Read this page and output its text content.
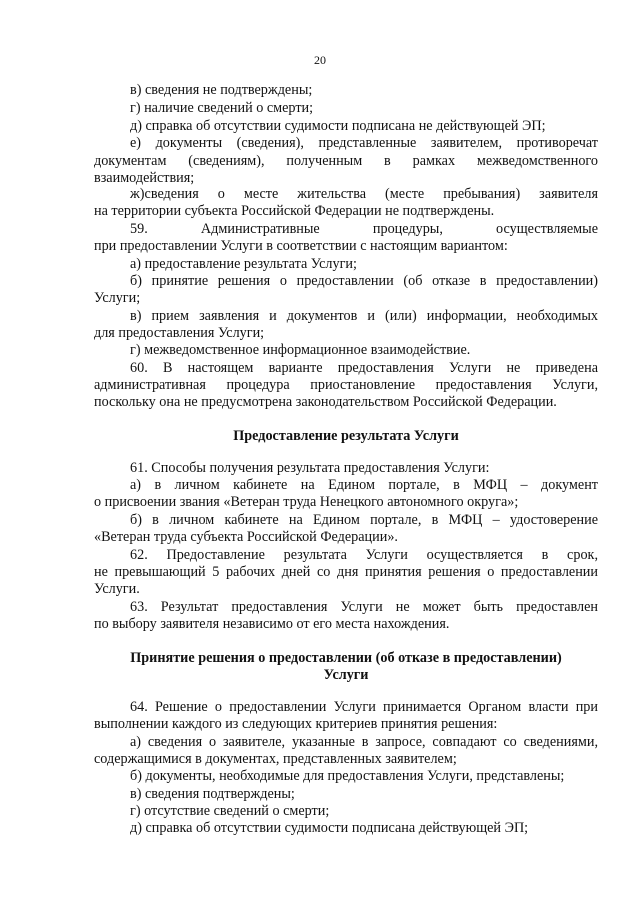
20
в) сведения не подтверждены;
г) наличие сведений о смерти;
д) справка об отсутствии судимости подписана не действующей ЭП;
е) документы (сведения), представленные заявителем, противоречат
документам (сведениям), полученным в рамках межведомственного
взаимодействия;
ж)сведения о месте жительства (месте пребывания) заявителя
на территории субъекта Российской Федерации не подтверждены.
59. Административные процедуры, осуществляемые
при предоставлении Услуги в соответствии с настоящим вариантом:
а) предоставление результата Услуги;
б) принятие решения о предоставлении (об отказе в предоставлении)
Услуги;
в) прием заявления и документов и (или) информации, необходимых
для предоставления Услуги;
г) межведомственное информационное взаимодействие.
60. В настоящем варианте предоставления Услуги не приведена
административная процедура приостановление предоставления Услуги,
поскольку она не предусмотрена законодательством Российской Федерации.
Предоставление результата Услуги
61. Способы получения результата предоставления Услуги:
а) в личном кабинете на Едином портале, в МФЦ – документ
о присвоении звания «Ветеран труда Ненецкого автономного округа»;
б) в личном кабинете на Едином портале, в МФЦ – удостоверение
«Ветеран труда субъекта Российской Федерации».
62. Предоставление результата Услуги осуществляется в срок,
не превышающий 5 рабочих дней со дня принятия решения о предоставлении
Услуги.
63. Результат предоставления Услуги не может быть предоставлен
по выбору заявителя независимо от его места нахождения.
Принятие решения о предоставлении (об отказе в предоставлении)
Услуги
64. Решение о предоставлении Услуги принимается Органом власти при
выполнении каждого из следующих критериев принятия решения:
а) сведения о заявителе, указанные в запросе, совпадают со сведениями,
содержащимися в документах, представленных заявителем;
б) документы, необходимые для предоставления Услуги, представлены;
в) сведения подтверждены;
г) отсутствие сведений о смерти;
д) справка об отсутствии судимости подписана действующей ЭП;
